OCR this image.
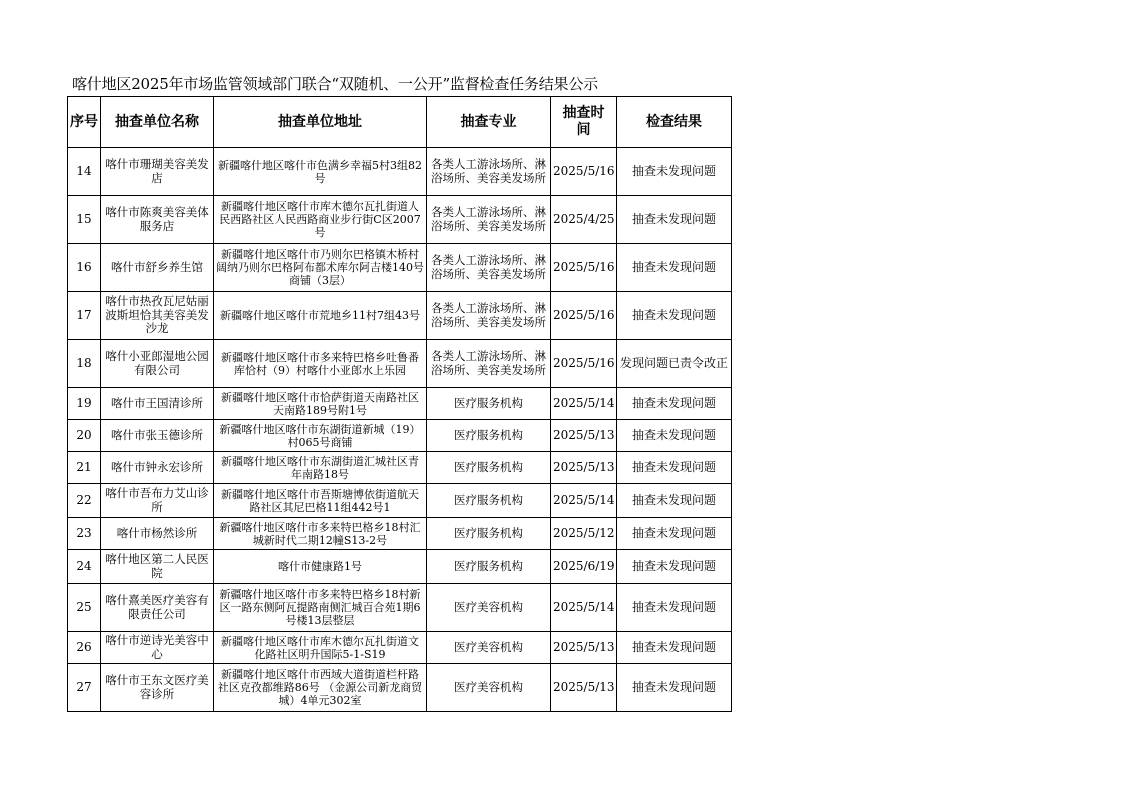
喀什地区2025年市场监管领域部门联合“双随机、一公开”监督检查任务结果公示
序号	抽查单位名称	抽查单位地址	抽查专业	抽查时间	检查结果
14	喀什市珊瑚美容美发店	新疆喀什地区喀什市色满乡幸福5村3组82号	各类人工游泳场所、淋浴场所、美容美发场所	2025/5/16	抽查未发现问题
15	喀什市陈爽美容美体服务店	新疆喀什地区喀什市库木德尔瓦扎街道人民西路社区人民西路商业步行街C区2007号	各类人工游泳场所、淋浴场所、美容美发场所	2025/4/25	抽查未发现问题
16	喀什市舒乡养生馆	新疆喀什地区喀什市乃则尔巴格镇木桥村阔纳乃则尔巴格阿布都术库尔阿吉楼140号商铺（3层）	各类人工游泳场所、淋浴场所、美容美发场所	2025/5/16	抽查未发现问题
17	喀什市热孜瓦尼姑丽波斯坦恰其美容美发沙龙	新疆喀什地区喀什市荒地乡11村7组43号	各类人工游泳场所、淋浴场所、美容美发场所	2025/5/16	抽查未发现问题
18	喀什小亚郎湿地公园有限公司	新疆喀什地区喀什市多来特巴格乡吐鲁番库恰村（9）村喀什小亚郎水上乐园	各类人工游泳场所、淋浴场所、美容美发场所	2025/5/16	发现问题已责令改正
19	喀什市王国清诊所	新疆喀什地区喀什市恰萨街道天南路社区天南路189号附1号	医疗服务机构	2025/5/14	抽查未发现问题
20	喀什市张玉德诊所	新疆喀什地区喀什市东湖街道新城（19）村065号商铺	医疗服务机构	2025/5/13	抽查未发现问题
21	喀什市钟永宏诊所	新疆喀什地区喀什市东湖街道汇城社区青年南路18号	医疗服务机构	2025/5/13	抽查未发现问题
22	喀什市吾布力艾山诊所	新疆喀什地区喀什市吾斯塘博依街道航天路社区其尼巴格11组442号1	医疗服务机构	2025/5/14	抽查未发现问题
23	喀什市杨然诊所	新疆喀什地区喀什市多来特巴格乡18村汇城新时代二期12幢S13-2号	医疗服务机构	2025/5/12	抽查未发现问题
24	喀什地区第二人民医院	喀什市健康路1号	医疗服务机构	2025/6/19	抽查未发现问题
25	喀什熹美医疗美容有限责任公司	新疆喀什地区喀什市多来特巴格乡18村新区一路东侧阿瓦提路南侧汇城百合苑1期6号楼13层整层	医疗美容机构	2025/5/14	抽查未发现问题
26	喀什市逆诗光美容中心	新疆喀什地区喀什市库木德尔瓦扎街道文化路社区明升国际5-1-S19	医疗美容机构	2025/5/13	抽查未发现问题
27	喀什市王东文医疗美容诊所	新疆喀什地区喀什市西域大道街道栏杆路社区克孜都维路86号 （金源公司新龙商贸城）4单元302室	医疗美容机构	2025/5/13	抽查未发现问题
